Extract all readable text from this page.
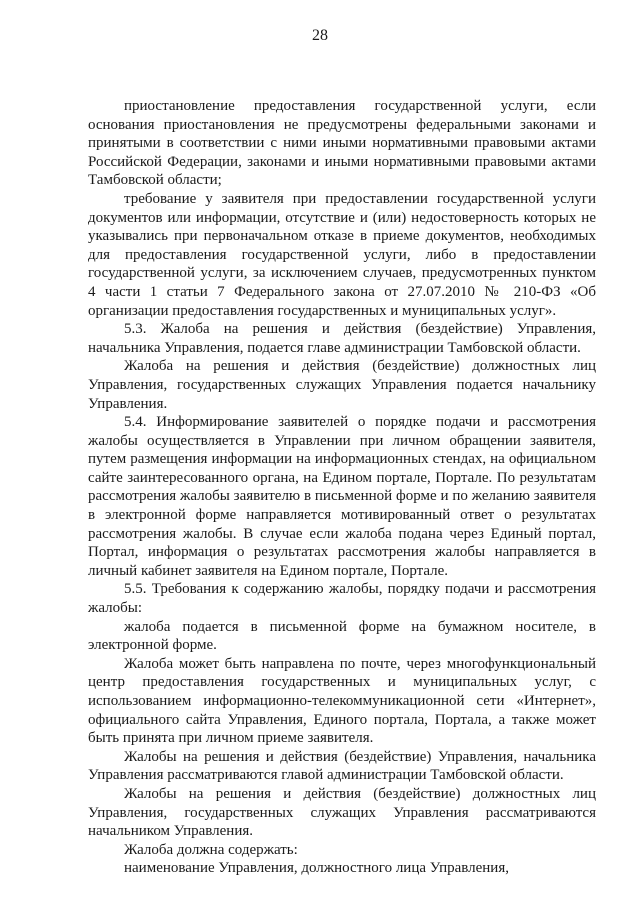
28

приостановление предоставления государственной услуги, если основания приостановления не предусмотрены федеральными законами и принятыми в соответствии с ними иными нормативными правовыми актами Российской Федерации, законами и иными нормативными правовыми актами Тамбовской области;

требование у заявителя при предоставлении государственной услуги документов или информации, отсутствие и (или) недостоверность которых не указывались при первоначальном отказе в приеме документов, необходимых для предоставления государственной услуги, либо в предоставлении государственной услуги, за исключением случаев, предусмотренных пунктом 4 части 1 статьи 7 Федерального закона от 27.07.2010 № 210-ФЗ «Об организации предоставления государственных и муниципальных услуг».

5.3. Жалоба на решения и действия (бездействие) Управления, начальника Управления, подается главе администрации Тамбовской области.

Жалоба на решения и действия (бездействие) должностных лиц Управления, государственных служащих Управления подается начальнику Управления.

5.4. Информирование заявителей о порядке подачи и рассмотрения жалобы осуществляется в Управлении при личном обращении заявителя, путем размещения информации на информационных стендах, на официальном сайте заинтересованного органа, на Едином портале, Портале. По результатам рассмотрения жалобы заявителю в письменной форме и по желанию заявителя в электронной форме направляется мотивированный ответ о результатах рассмотрения жалобы. В случае если жалоба подана через Единый портал, Портал, информация о результатах рассмотрения жалобы направляется в личный кабинет заявителя на Едином портале, Портале.

5.5. Требования к содержанию жалобы, порядку подачи и рассмотрения жалобы:

жалоба подается в письменной форме на бумажном носителе, в электронной форме.

Жалоба может быть направлена по почте, через многофункциональный центр предоставления государственных и муниципальных услуг, с использованием информационно-телекоммуникационной сети «Интернет», официального сайта Управления, Единого портала, Портала, а также может быть принята при личном приеме заявителя.

Жалобы на решения и действия (бездействие) Управления, начальника Управления рассматриваются главой администрации Тамбовской области.

Жалобы на решения и действия (бездействие) должностных лиц Управления, государственных служащих Управления рассматриваются начальником Управления.

Жалоба должна содержать:

наименование Управления, должностного лица Управления,
